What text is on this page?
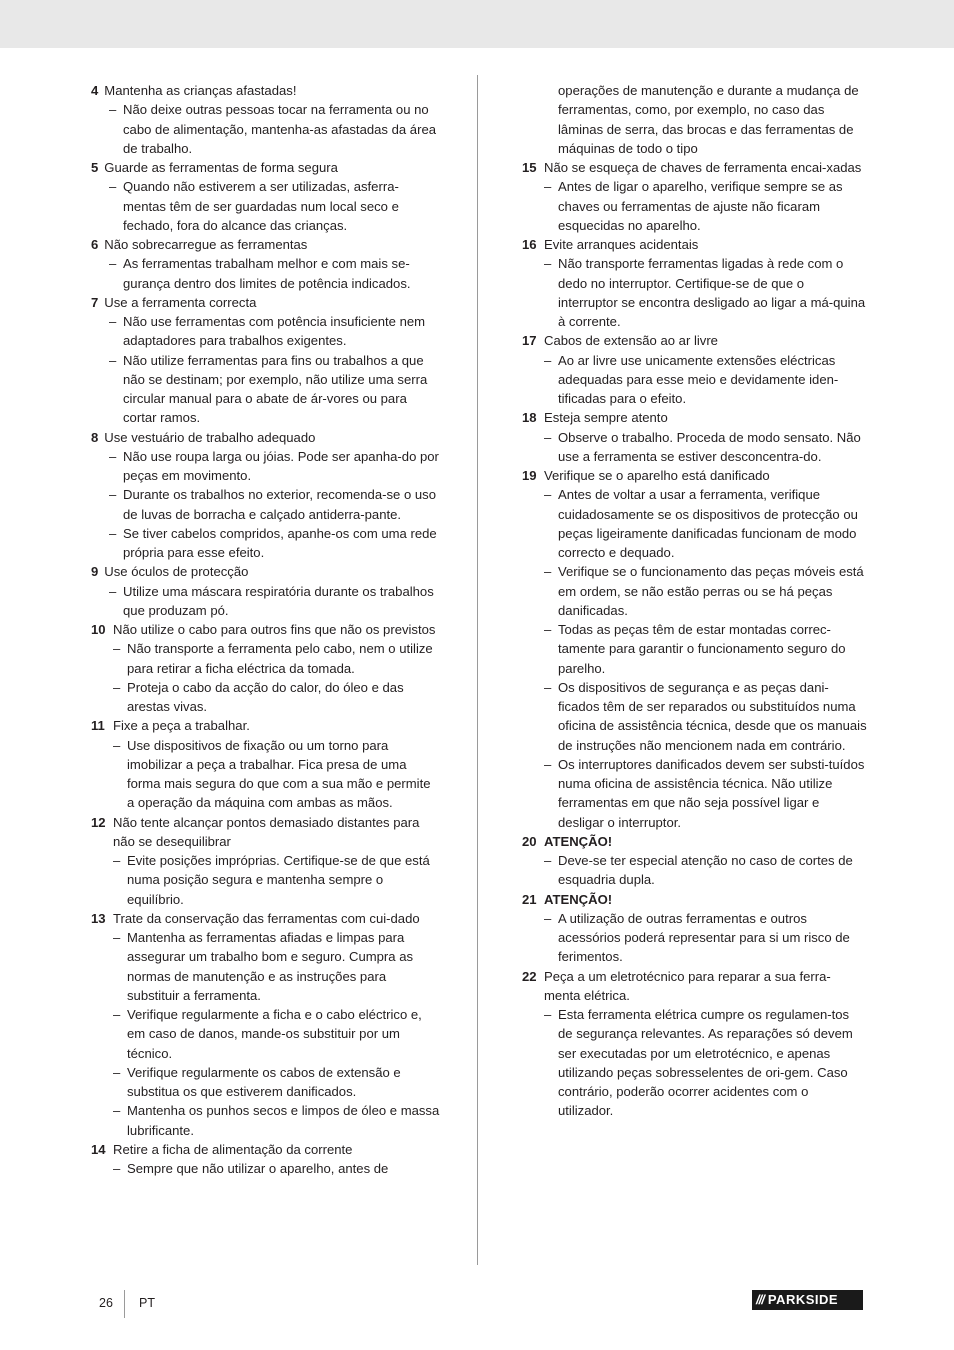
4 Mantenha as crianças afastadas!
– Não deixe outras pessoas tocar na ferramenta ou no cabo de alimentação, mantenha-as afastadas da área de trabalho.
5 Guarde as ferramentas de forma segura
– Quando não estiverem a ser utilizadas, asferra-mentas têm de ser guardadas num local seco e fechado, fora do alcance das crianças.
6 Não sobrecarregue as ferramentas
– As ferramentas trabalham melhor e com mais se-gurança dentro dos limites de potência indicados.
7 Use a ferramenta correcta
– Não use ferramentas com potência insuficiente nem adaptadores para trabalhos exigentes.
– Não utilize ferramentas para fins ou trabalhos a que não se destinam; por exemplo, não utilize uma serra circular manual para o abate de ár-vores ou para cortar ramos.
8 Use vestuário de trabalho adequado
– Não use roupa larga ou jóias. Pode ser apanha-do por peças em movimento.
– Durante os trabalhos no exterior, recomenda-se o uso de luvas de borracha e calçado antiderra-pante.
– Se tiver cabelos compridos, apanhe-os com uma rede própria para esse efeito.
9 Use óculos de protecção
– Utilize uma máscara respiratória durante os trabalhos que produzam pó.
10 Não utilize o cabo para outros fins que não os previstos
– Não transporte a ferramenta pelo cabo, nem o utilize para retirar a ficha eléctrica da tomada.
– Proteja o cabo da acção do calor, do óleo e das arestas vivas.
11 Fixe a peça a trabalhar.
– Use dispositivos de fixação ou um torno para imobilizar a peça a trabalhar. Fica presa de uma forma mais segura do que com a sua mão e permite a operação da máquina com ambas as mãos.
12 Não tente alcançar pontos demasiado distantes para não se desequilibrar
– Evite posições impróprias. Certifique-se de que está numa posição segura e mantenha sempre o equilíbrio.
13 Trate da conservação das ferramentas com cui-dado
– Mantenha as ferramentas afiadas e limpas para assegurar um trabalho bom e seguro. Cumpra as normas de manutenção e as instruções para substituir a ferramenta.
– Verifique regularmente a ficha e o cabo eléctrico e, em caso de danos, mande-os substituir por um técnico.
– Verifique regularmente os cabos de extensão e substitua os que estiverem danificados.
– Mantenha os punhos secos e limpos de óleo e massa lubrificante.
14 Retire a ficha de alimentação da corrente
– Sempre que não utilizar o aparelho, antes de
operações de manutenção e durante a mudança de ferramentas, como, por exemplo, no caso das lâminas de serra, das brocas e das ferramentas de máquinas de todo o tipo
15 Não se esqueça de chaves de ferramenta encai-xadas
– Antes de ligar o aparelho, verifique sempre se as chaves ou ferramentas de ajuste não ficaram esquecidas no aparelho.
16 Evite arranques acidentais
– Não transporte ferramentas ligadas à rede com o dedo no interruptor. Certifique-se de que o interruptor se encontra desligado ao ligar a má-quina à corrente.
17 Cabos de extensão ao ar livre
– Ao ar livre use unicamente extensões eléctricas adequadas para esse meio e devidamente iden-tificadas para o efeito.
18 Esteja sempre atento
– Observe o trabalho. Proceda de modo sensato. Não use a ferramenta se estiver desconcentra-do.
19 Verifique se o aparelho está danificado
– Antes de voltar a usar a ferramenta, verifique cuidadosamente se os dispositivos de protecção ou peças ligeiramente danificadas funcionam de modo correcto e dequado.
– Verifique se o funcionamento das peças móveis está em ordem, se não estão perras ou se há peças danificadas.
– Todas as peças têm de estar montadas correc-tamente para garantir o funcionamento seguro do parelho.
– Os dispositivos de segurança e as peças dani-ficados têm de ser reparados ou substituídos numa oficina de assistência técnica, desde que os manuais de instruções não mencionem nada em contrário.
– Os interruptores danificados devem ser substi-tuídos numa oficina de assistência técnica. Não utilize ferramentas em que não seja possível ligar e desligar o interruptor.
20 ATENÇÃO!
– Deve-se ter especial atenção no caso de cortes de esquadria dupla.
21 ATENÇÃO!
– A utilização de outras ferramentas e outros acessórios poderá representar para si um risco de ferimentos.
22 Peça a um eletrotécnico para reparar a sua ferra-menta elétrica.
– Esta ferramenta elétrica cumpre os regulamen-tos de segurança relevantes. As reparações só devem ser executadas por um eletrotécnico, e apenas utilizando peças sobresselentes de ori-gem. Caso contrário, poderão ocorrer acidentes com o utilizador.
26 PT	/// PARKSIDE
